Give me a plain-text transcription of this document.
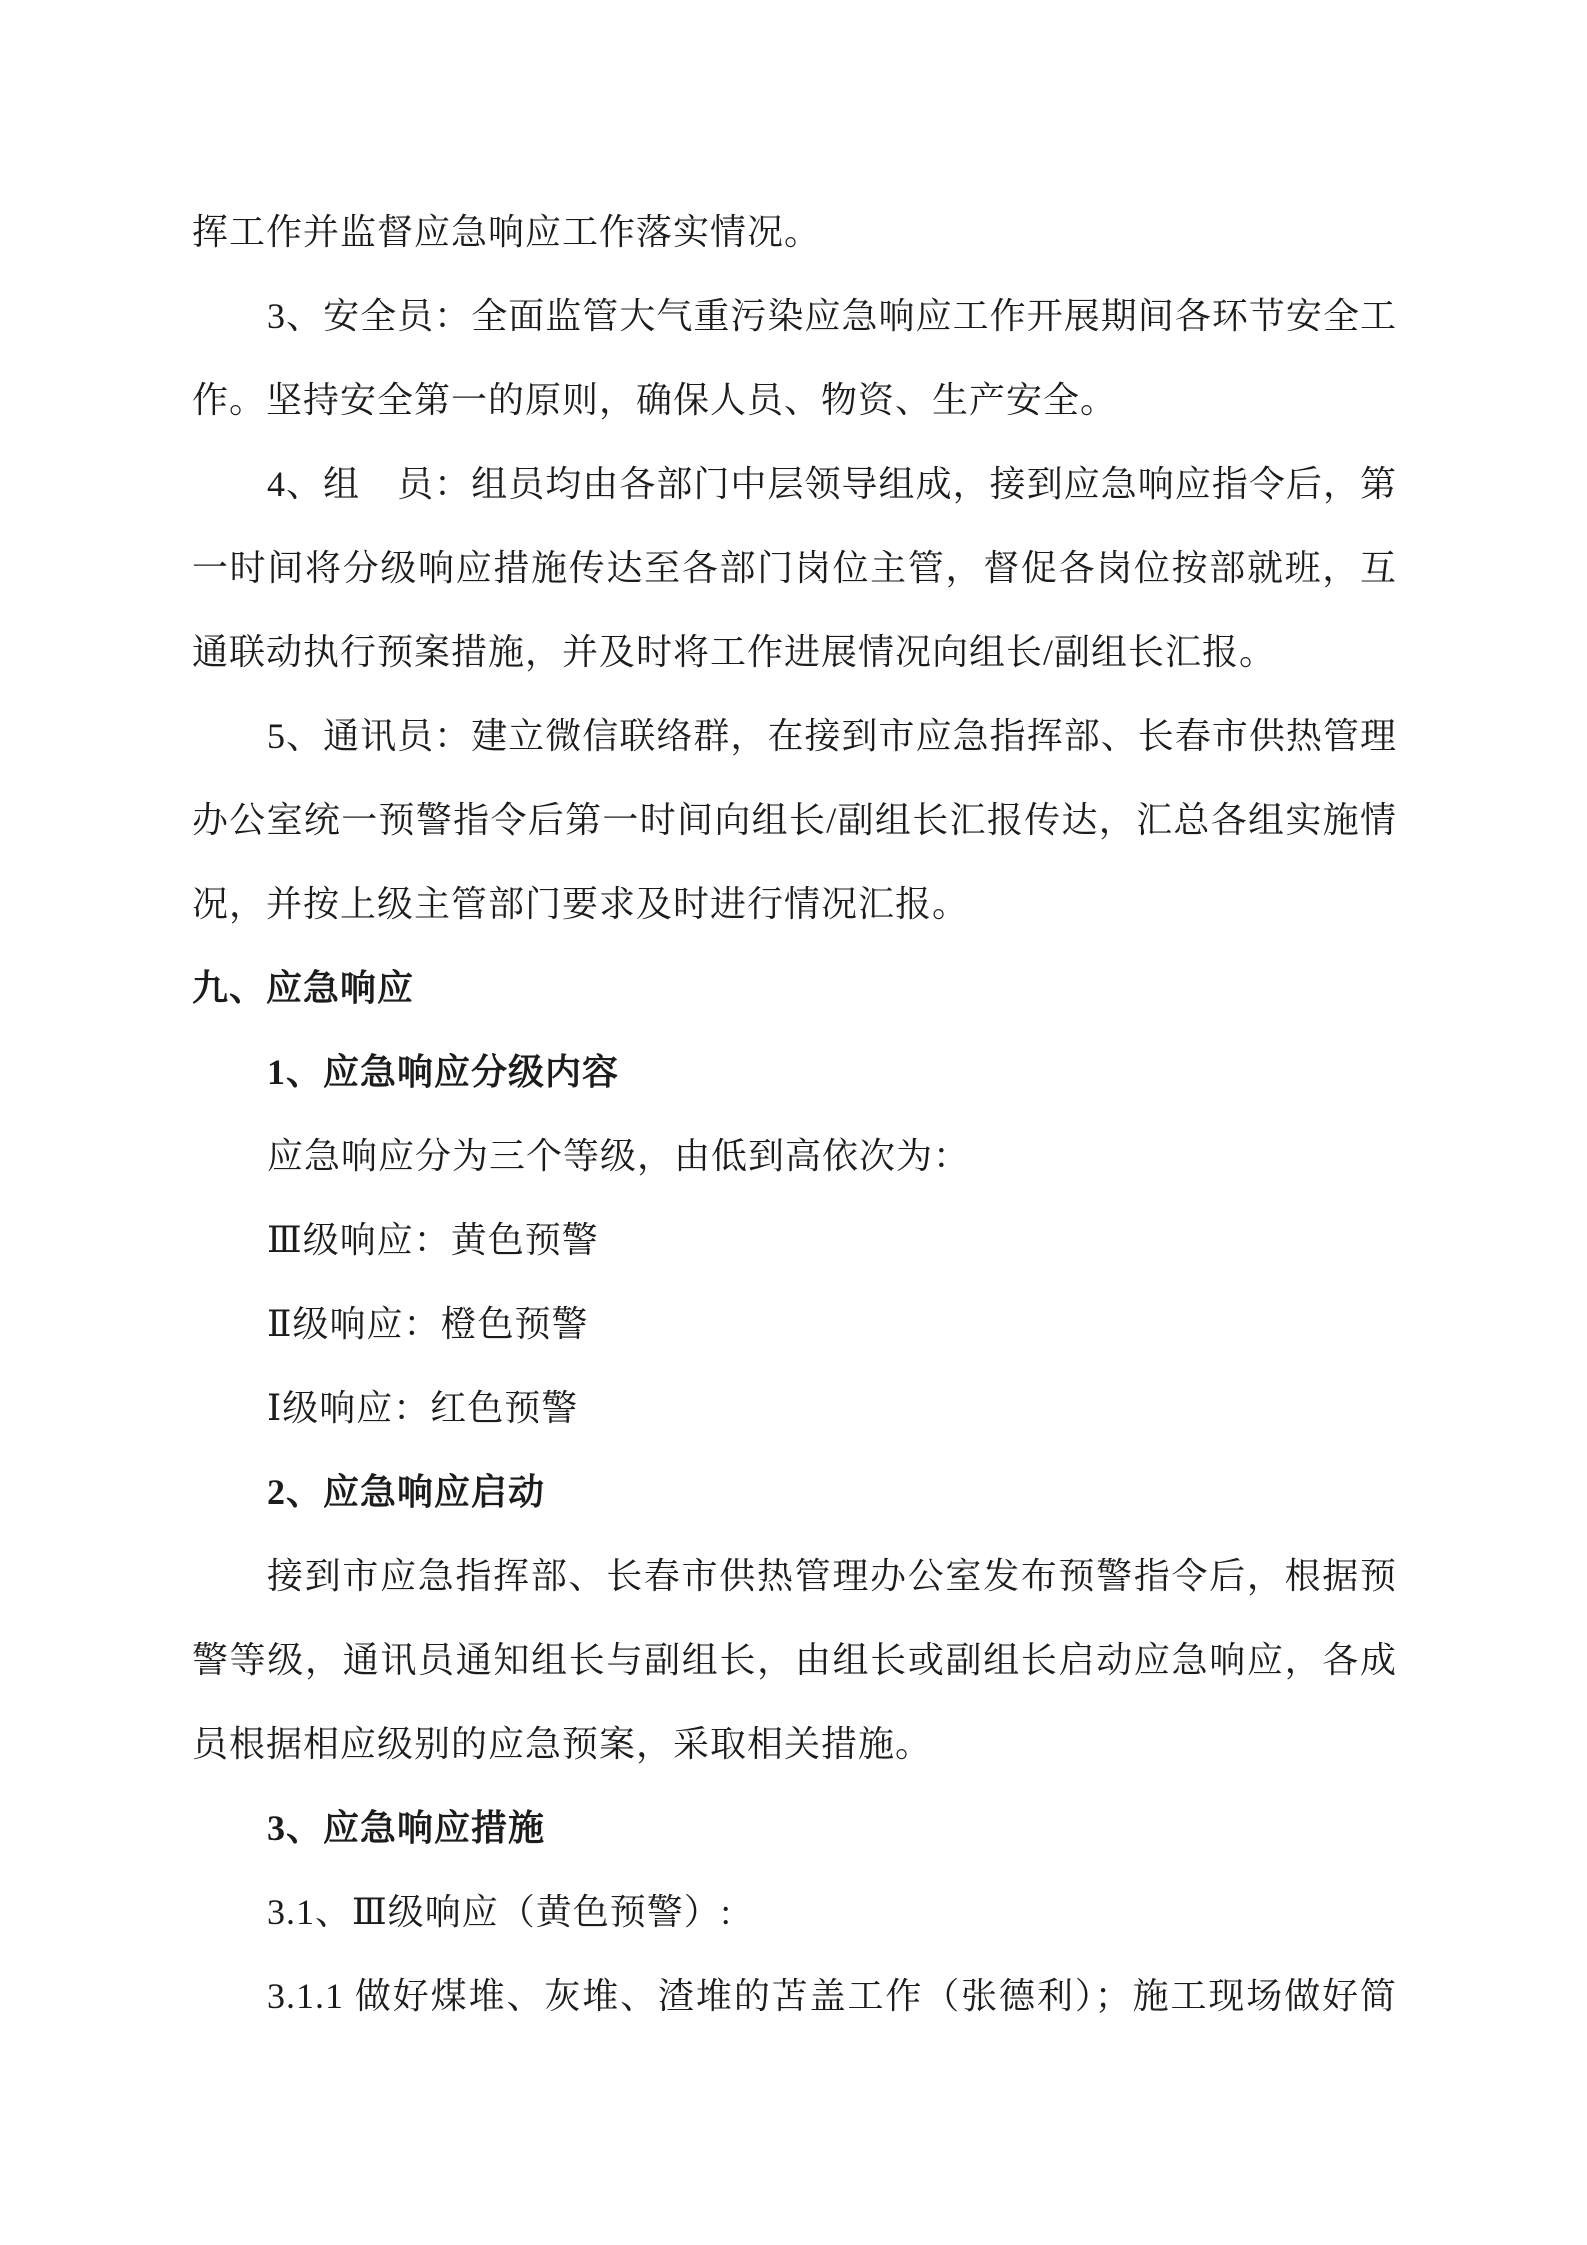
挥工作并监督应急响应工作落实情况。
3、安全员：全面监管大气重污染应急响应工作开展期间各环节安全工
作。坚持安全第一的原则，确保人员、物资、生产安全。
4、组　员：组员均由各部门中层领导组成，接到应急响应指令后，第
一时间将分级响应措施传达至各部门岗位主管，督促各岗位按部就班，互
通联动执行预案措施，并及时将工作进展情况向组长/副组长汇报。
5、通讯员：建立微信联络群，在接到市应急指挥部、长春市供热管理
办公室统一预警指令后第一时间向组长/副组长汇报传达，汇总各组实施情
况，并按上级主管部门要求及时进行情况汇报。
九、应急响应
1、应急响应分级内容
应急响应分为三个等级，由低到高依次为：
Ⅲ级响应：黄色预警
Ⅱ级响应：橙色预警
Ⅰ级响应：红色预警
2、应急响应启动
接到市应急指挥部、长春市供热管理办公室发布预警指令后，根据预
警等级，通讯员通知组长与副组长，由组长或副组长启动应急响应，各成
员根据相应级别的应急预案，采取相关措施。
3、应急响应措施
3.1、Ⅲ级响应（黄色预警）:
3.1.1 做好煤堆、灰堆、渣堆的苫盖工作（张德利）；施工现场做好简
